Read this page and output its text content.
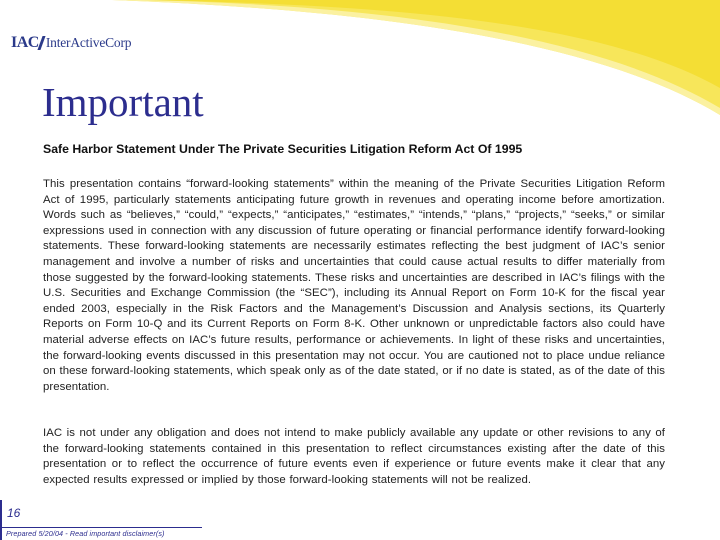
IAC InterActiveCorp
Important
Safe Harbor Statement Under The Private Securities Litigation Reform Act Of 1995
This presentation contains “forward-looking statements” within the meaning of the Private Securities Litigation Reform Act of 1995, particularly statements anticipating future growth in revenues and operating income before amortization. Words such as “believes,” “could,” “expects,” “anticipates,” “estimates,” “intends,” “plans,” “projects,” “seeks,” or similar expressions used in connection with any discussion of future operating or financial performance identify forward-looking statements. These forward-looking statements are necessarily estimates reflecting the best judgment of IAC’s senior management and involve a number of risks and uncertainties that could cause actual results to differ materially from those suggested by the forward-looking statements. These risks and uncertainties are described in IAC’s filings with the U.S. Securities and Exchange Commission (the “SEC”), including its Annual Report on Form 10-K for the fiscal year ended 2003, especially in the Risk Factors and the Management’s Discussion and Analysis sections, its Quarterly Reports on Form 10-Q and its Current Reports on Form 8-K. Other unknown or unpredictable factors also could have material adverse effects on IAC’s future results, performance or achievements. In light of these risks and uncertainties, the forward-looking events discussed in this presentation may not occur. You are cautioned not to place undue reliance on these forward-looking statements, which speak only as of the date stated, or if no date is stated, as of the date of this presentation.
IAC is not under any obligation and does not intend to make publicly available any update or other revisions to any of the forward-looking statements contained in this presentation to reflect circumstances existing after the date of this presentation or to reflect the occurrence of future events even if experience or future events make it clear that any expected results expressed or implied by those forward-looking statements will not be realized.
16
Prepared 5/20/04 - Read important disclaimer(s)
